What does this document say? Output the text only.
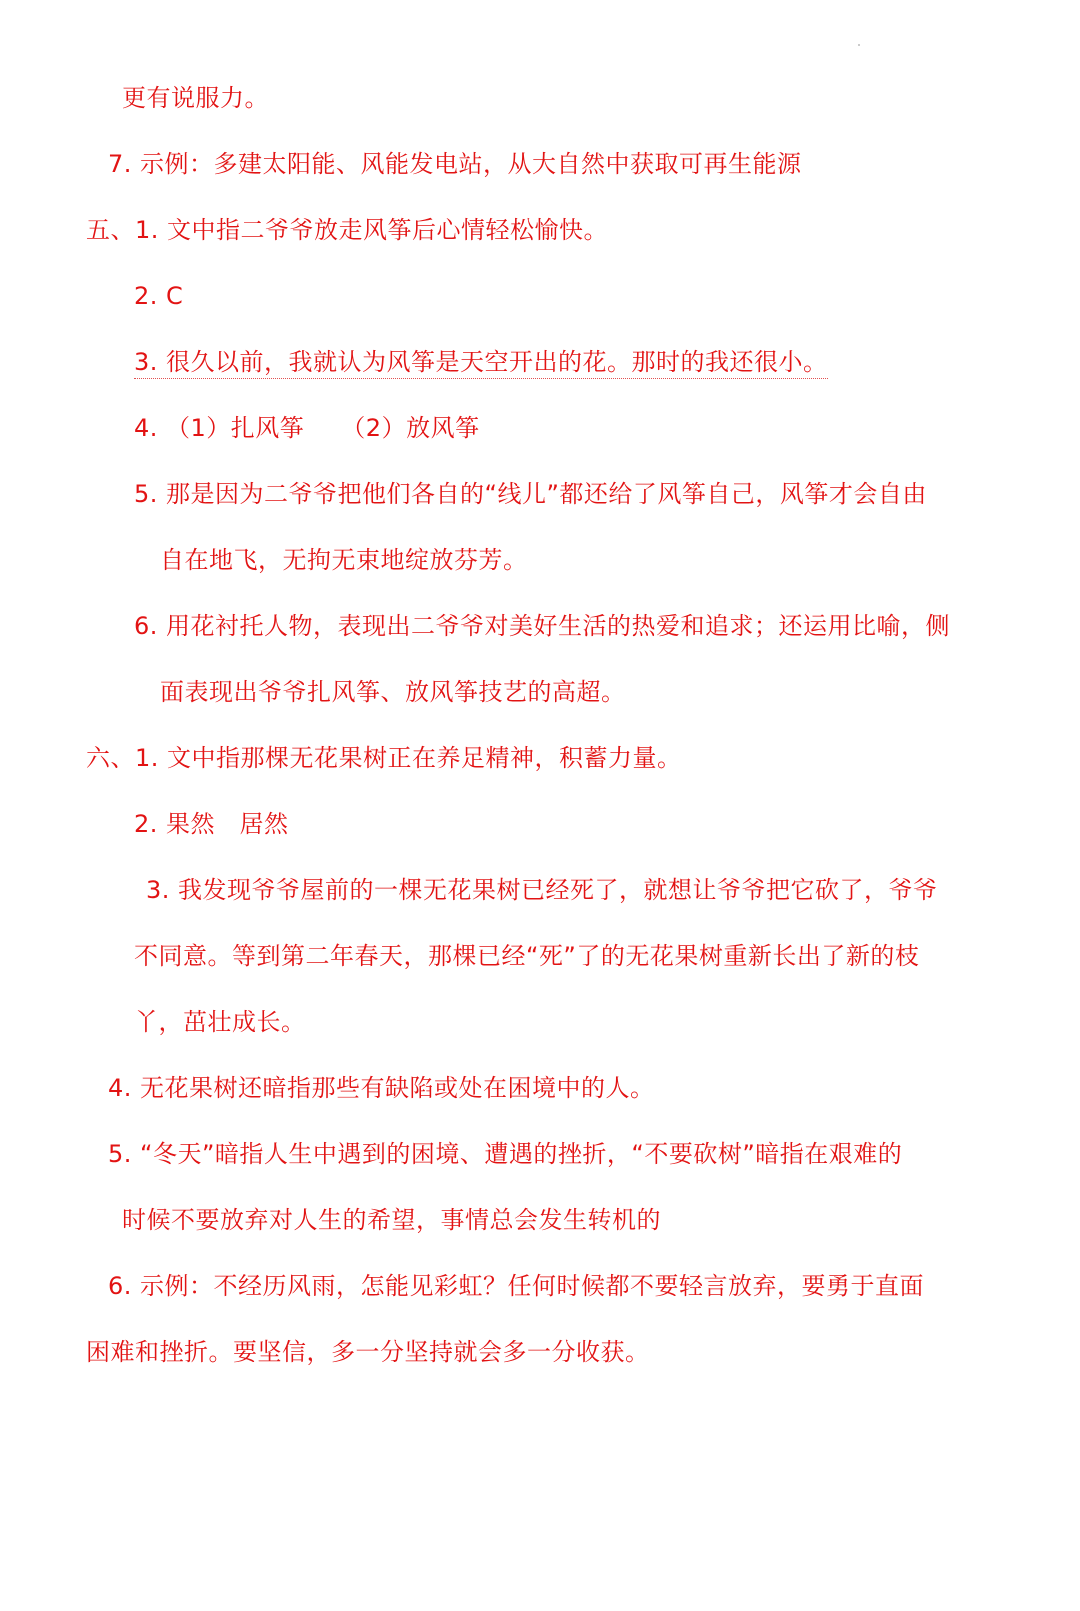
更有说服力。
7. 示例：多建太阳能、风能发电站，从大自然中获取可再生能源
五、1. 文中指二爷爷放走风筝后心情轻松愉快。
2. C
3. 很久以前，我就认为风筝是天空开出的花。那时的我还很小。
4. （1）扎风筝　　（2）放风筝
5. 那是因为二爷爷把他们各自的“线儿”都还给了风筝自己，风筝才会自由
自在地飞，无拘无束地绽放芬芳。
6. 用花衬托人物，表现出二爷爷对美好生活的热爱和追求；还运用比喻，侧
面表现出爷爷扎风筝、放风筝技艺的高超。
六、1. 文中指那棵无花果树正在养足精神，积蓄力量。
2. 果然　居然
3. 我发现爷爷屋前的一棵无花果树已经死了，就想让爷爷把它砍了，爷爷
不同意。等到第二年春天，那棵已经“死”了的无花果树重新长出了新的枝
丫，茁壮成长。
4. 无花果树还暗指那些有缺陷或处在困境中的人。
5. “冬天”暗指人生中遇到的困境、遭遇的挫折，“不要砍树”暗指在艰难的
时候不要放弃对人生的希望，事情总会发生转机的
6. 示例：不经历风雨，怎能见彩虹？任何时候都不要轻言放弃，要勇于直面
困难和挫折。要坚信，多一分坚持就会多一分收获。
